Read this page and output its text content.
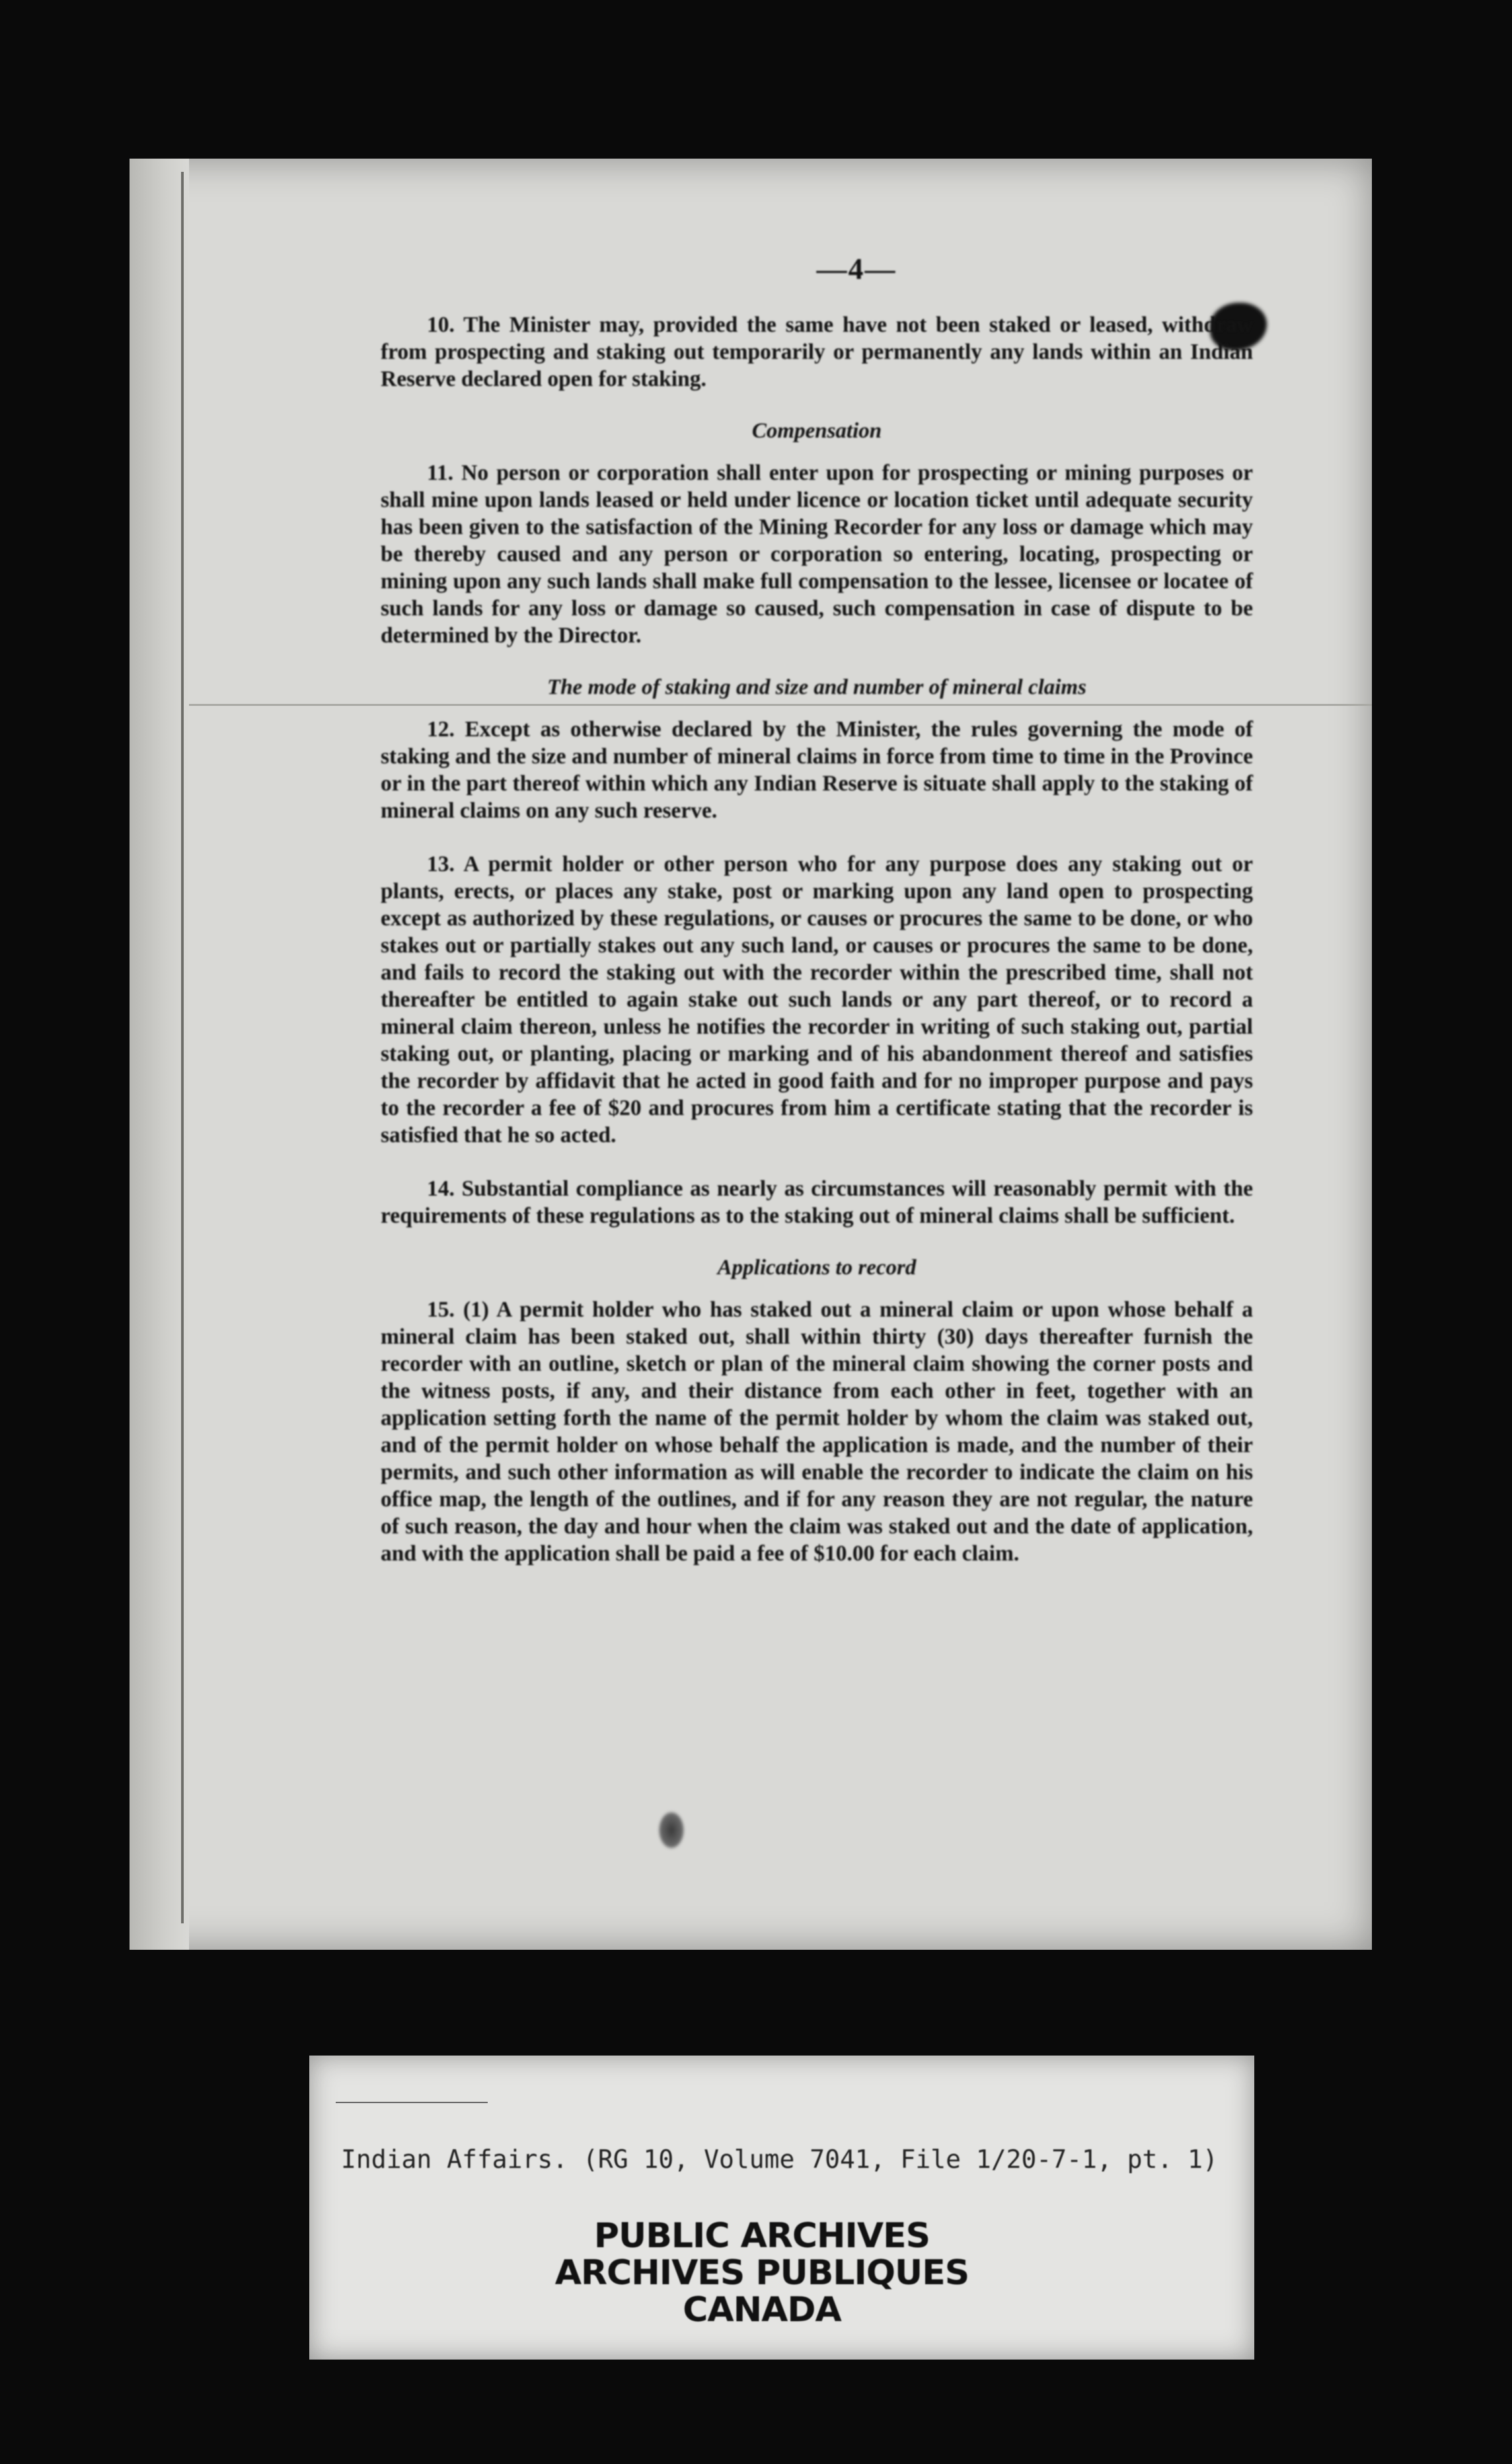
—4—

10. The Minister may, provided the same have not been staked or leased, withdraw from prospecting and staking out temporarily or permanently any lands within an Indian Reserve declared open for staking.

Compensation

11. No person or corporation shall enter upon for prospecting or mining purposes or shall mine upon lands leased or held under licence or location ticket until adequate security has been given to the satisfaction of the Mining Recorder for any loss or damage which may be thereby caused and any person or corporation so entering, locating, prospecting or mining upon any such lands shall make full compensation to the lessee, licensee or locatee of such lands for any loss or damage so caused, such compensation in case of dispute to be determined by the Director.

The mode of staking and size and number of mineral claims

12. Except as otherwise declared by the Minister, the rules governing the mode of staking and the size and number of mineral claims in force from time to time in the Province or in the part thereof within which any Indian Reserve is situate shall apply to the staking of mineral claims on any such reserve.

13. A permit holder or other person who for any purpose does any staking out or plants, erects, or places any stake, post or marking upon any land open to prospecting except as authorized by these regulations, or causes or procures the same to be done, or who stakes out or partially stakes out any such land, or causes or procures the same to be done, and fails to record the staking out with the recorder within the prescribed time, shall not thereafter be entitled to again stake out such lands or any part thereof, or to record a mineral claim thereon, unless he notifies the recorder in writing of such staking out, partial staking out, or planting, placing or marking and of his abandonment thereof and satisfies the recorder by affidavit that he acted in good faith and for no improper purpose and pays to the recorder a fee of $20 and procures from him a certificate stating that the recorder is satisfied that he so acted.

14. Substantial compliance as nearly as circumstances will reasonably permit with the requirements of these regulations as to the staking out of mineral claims shall be sufficient.

Applications to record

15. (1) A permit holder who has staked out a mineral claim or upon whose behalf a mineral claim has been staked out, shall within thirty (30) days thereafter furnish the recorder with an outline, sketch or plan of the mineral claim showing the corner posts and the witness posts, if any, and their distance from each other in feet, together with an application setting forth the name of the permit holder by whom the claim was staked out, and of the permit holder on whose behalf the application is made, and the number of their permits, and such other information as will enable the recorder to indicate the claim on his office map, the length of the outlines, and if for any reason they are not regular, the nature of such reason, the day and hour when the claim was staked out and the date of application, and with the application shall be paid a fee of $10.00 for each claim.

Indian Affairs. (RG 10, Volume 7041, File 1/20-7-1, pt. 1)
PUBLIC ARCHIVES
ARCHIVES PUBLIQUES
CANADA
